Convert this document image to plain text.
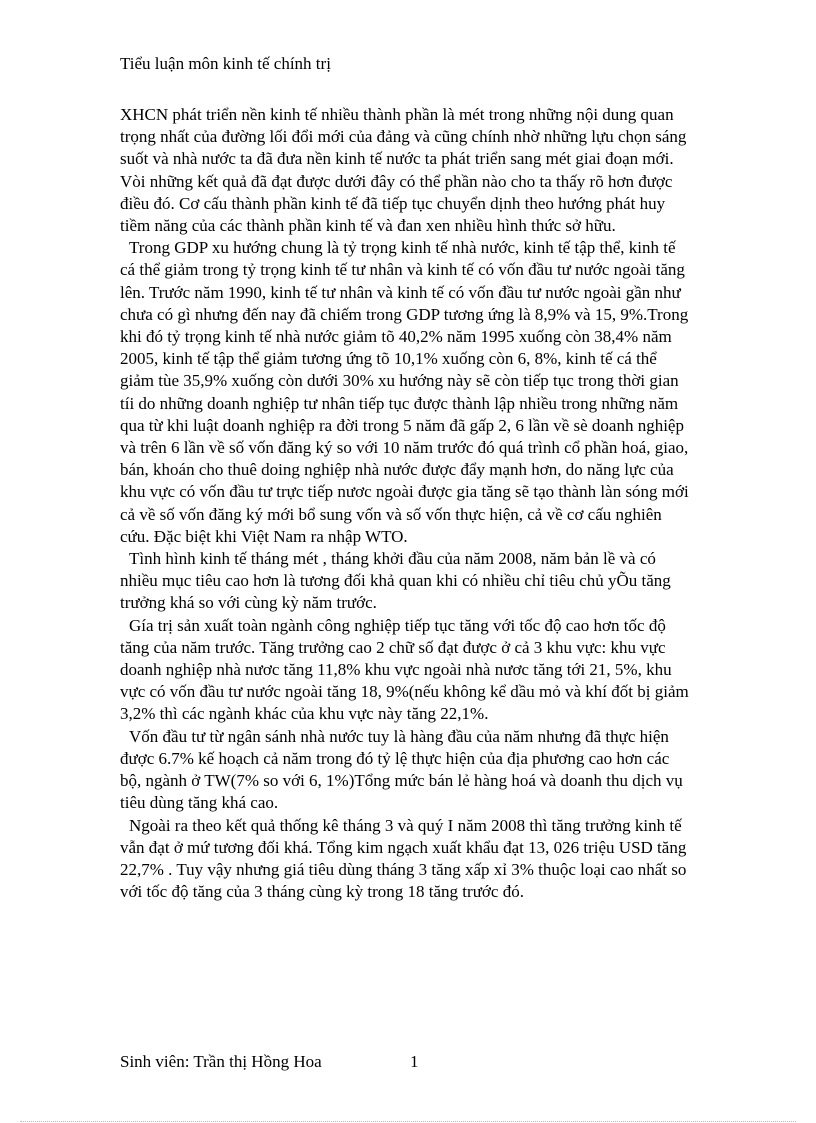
Tiểu luận môn kinh tế chính trị

XHCN phát triển nền kinh tế nhiều thành phần là mét trong những nội dung quan trọng nhất của đường lối đổi mới của đảng và cũng chính nhờ những lựu chọn sáng suốt và nhà nước ta đã đưa nền kinh tế nước ta phát triển sang mét giai đoạn mới. Vòi những kết quả đã đạt được dưới đây có thể phần nào cho ta thấy rõ hơn được điều đó. Cơ cấu thành phần kinh tế đã tiếp tục chuyển dịnh theo hướng phát huy tiềm năng của các thành phần kinh tế và đan xen nhiều hình thức sở hữu.

Trong GDP xu hướng chung là tỷ trọng kinh tế nhà nước, kinh tế tập thể, kinh tế cá thể giảm trong tỷ trọng kinh tế tư nhân và kinh tế có vốn đầu tư nước ngoài tăng lên. Trước năm 1990, kinh tế tư nhân và kinh tế có vốn đầu tư nước ngoài gần như chưa có gì nhưng đến nay đã chiếm trong GDP tương ứng là 8,9% và 15, 9%.Trong khi đó tỷ trọng kinh tế nhà nước giảm tõ 40,2% năm 1995 xuống còn 38,4% năm 2005, kinh tế tập thể giảm tương ứng tõ 10,1% xuống còn 6, 8%, kinh tế cá thể giảm tùe 35,9% xuống còn dưới 30% xu hướng này sẽ còn tiếp tục trong thời gian tíi do những doanh nghiệp tư nhân tiếp tục được thành lập nhiều trong những năm qua từ khi luật doanh nghiệp ra đời trong 5 năm đã gấp 2, 6 lần về sè doanh nghiệp và trên 6 lần về số vốn đăng ký so với 10 năm trước đó quá trình cổ phần hoá, giao, bán, khoán cho thuê doing nghiệp nhà nước được đẩy mạnh hơn, do năng lực của khu vực có vốn đầu tư trực tiếp nươc ngoài được gia tăng sẽ tạo thành làn sóng mới cả về số vốn đăng ký mới bổ sung vốn và số vốn thực hiện, cả về cơ cấu nghiên cứu. Đặc biệt khi Việt Nam ra nhập WTO.

Tình hình kinh tế tháng mét , tháng khởi đầu của năm 2008, năm bản lề và có nhiều mục tiêu cao hơn là tương đối khả quan khi có nhiều chỉ tiêu chủ yÕu tăng trưởng khá so với cùng kỳ năm trước.

Gía trị sản xuất toàn ngành công nghiệp tiếp tục tăng với tốc độ cao hơn tốc độ tăng của năm trước. Tăng trưởng cao 2 chữ số đạt được ở cả 3 khu vực: khu vực doanh nghiệp nhà nươc tăng 11,8% khu vực ngoài nhà nươc tăng tới 21, 5%, khu vực có vốn đầu tư nước ngoài tăng 18, 9%(nếu không kể dầu mỏ và khí đốt bị giảm 3,2% thì các ngành khác của khu vực này tăng 22,1%.

Vốn đầu tư từ ngân sánh nhà nước tuy là hàng đầu của năm nhưng đã thực hiện được 6.7% kế hoạch cả năm trong đó tỷ lệ thực hiện của địa phương cao hơn các bộ, ngành ở TW(7% so với 6, 1%)Tổng mức bán lẻ hàng hoá và doanh thu dịch vụ tiêu dùng tăng khá cao.

Ngoài ra theo kết quả thống kê tháng 3 và quý I năm 2008 thì tăng trưởng kinh tế vẫn đạt ở mứ tương đối khá. Tổng kim ngạch xuất khẩu đạt 13, 026 triệu USD tăng 22,7% . Tuy vậy nhưng giá tiêu dùng tháng 3 tăng xấp xỉ 3% thuộc loại cao nhất so với tốc độ tăng của 3 tháng cùng kỳ trong 18 tăng trước đó.

Sinh viên: Trần thị Hồng Hoa	1
